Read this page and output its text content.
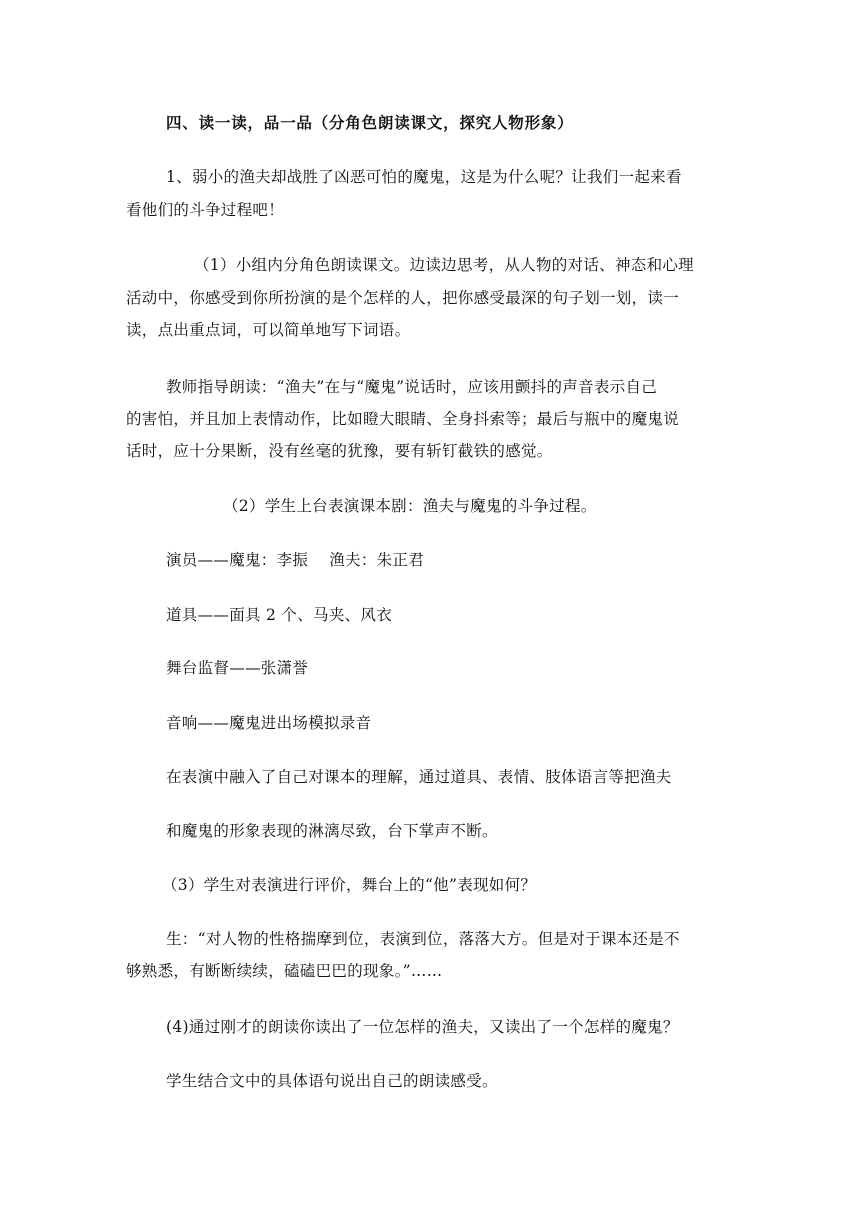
四、读一读，品一品（分角色朗读课文，探究人物形象）
1、弱小的渔夫却战胜了凶恶可怕的魔鬼，这是为什么呢？让我们一起来看
看他们的斗争过程吧！
（1）小组内分角色朗读课文。边读边思考，从人物的对话、神态和心理
活动中，你感受到你所扮演的是个怎样的人，把你感受最深的句子划一划，读一
读，点出重点词，可以简单地写下词语。
教师指导朗读：“渔夫”在与“魔鬼”说话时，应该用颤抖的声音表示自己
的害怕，并且加上表情动作，比如瞪大眼睛、全身抖索等；最后与瓶中的魔鬼说
话时，应十分果断，没有丝毫的犹豫，要有斩钉截铁的感觉。
（2）学生上台表演课本剧：渔夫与魔鬼的斗争过程。
演员——魔鬼：李振　 渔夫：朱正君
道具——面具 2 个、马夹、风衣
舞台监督——张潇誉
音响——魔鬼进出场模拟录音
在表演中融入了自己对课本的理解，通过道具、表情、肢体语言等把渔夫
和魔鬼的形象表现的淋漓尽致，台下掌声不断。
（3）学生对表演进行评价，舞台上的“他”表现如何？
生：“对人物的性格揣摩到位，表演到位，落落大方。但是对于课本还是不
够熟悉，有断断续续，磕磕巴巴的现象。”……
(4)通过刚才的朗读你读出了一位怎样的渔夫，又读出了一个怎样的魔鬼？
学生结合文中的具体语句说出自己的朗读感受。
